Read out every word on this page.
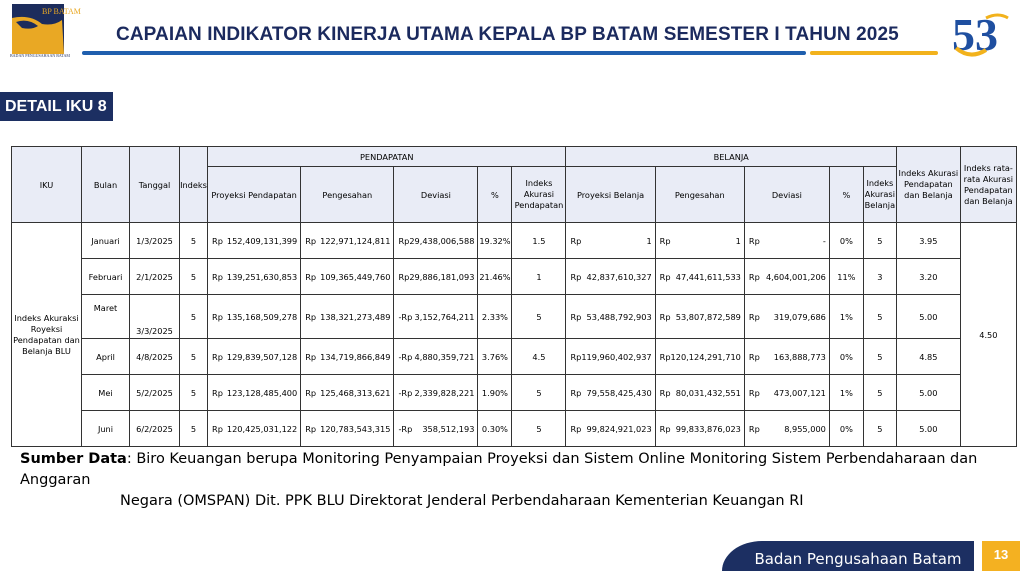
BP BATAM
BADAN PENGUSAHAAN BATAM
CAPAIAN INDIKATOR KINERJA UTAMA KEPALA BP BATAM SEMESTER I TAHUN 2025 53
DETAIL IKU 8
IKU	Bulan	Tanggal	Indeks	PENDAPATAN					BELANJA					Indeks Akurasi Pendapatan dan Belanja	Indeks rata-rata Akurasi Pendapatan dan Belanja
				Proyeksi Pendapatan	Pengesahan	Deviasi	%	Indeks Akurasi Pendapatan	Proyeksi Belanja	Pengesahan	Deviasi	%	Indeks Akurasi Belanja		
Indeks Akuraksi Royeksi Pendapatan dan Belanja BLU	Januari	1/3/2025	5	Rp 152,409,131,399	Rp 122,971,124,811	Rp 29,438,006,588	19.32%	1.5	Rp 1	Rp 1	Rp -	0%	5	3.95	4.50
	Februari	2/1/2025	5	Rp 139,251,630,853	Rp 109,365,449,760	Rp 29,886,181,093	21.46%	1	Rp 42,837,610,327	Rp 47,441,611,533	Rp 4,604,001,206	11%	3	3.20	
	Maret	3/3/2025	5	Rp 135,168,509,278	Rp 138,321,273,489	-Rp 3,152,764,211	2.33%	5	Rp 53,488,792,903	Rp 53,807,872,589	Rp 319,079,686	1%	5	5.00	
	April	4/8/2025	5	Rp 129,839,507,128	Rp 134,719,866,849	-Rp 4,880,359,721	3.76%	4.5	Rp 119,960,402,937	Rp 120,124,291,710	Rp 163,888,773	0%	5	4.85	
	Mei	5/2/2025	5	Rp 123,128,485,400	Rp 125,468,313,621	-Rp 2,339,828,221	1.90%	5	Rp 79,558,425,430	Rp 80,031,432,551	Rp 473,007,121	1%	5	5.00	
	Juni	6/2/2025	5	Rp 120,425,031,122	Rp 120,783,543,315	-Rp 358,512,193	0.30%	5	Rp 99,824,921,023	Rp 99,833,876,023	Rp 8,955,000	0%	5	5.00	
Sumber Data: Biro Keuangan berupa Monitoring Penyampaian Proyeksi dan Sistem Online Monitoring Sistem Perbendaharaan dan Anggaran
Negara (OMSPAN) Dit. PPK BLU Direktorat Jenderal Perbendaharaan Kementerian Keuangan RI
Badan Pengusahaan Batam	13
